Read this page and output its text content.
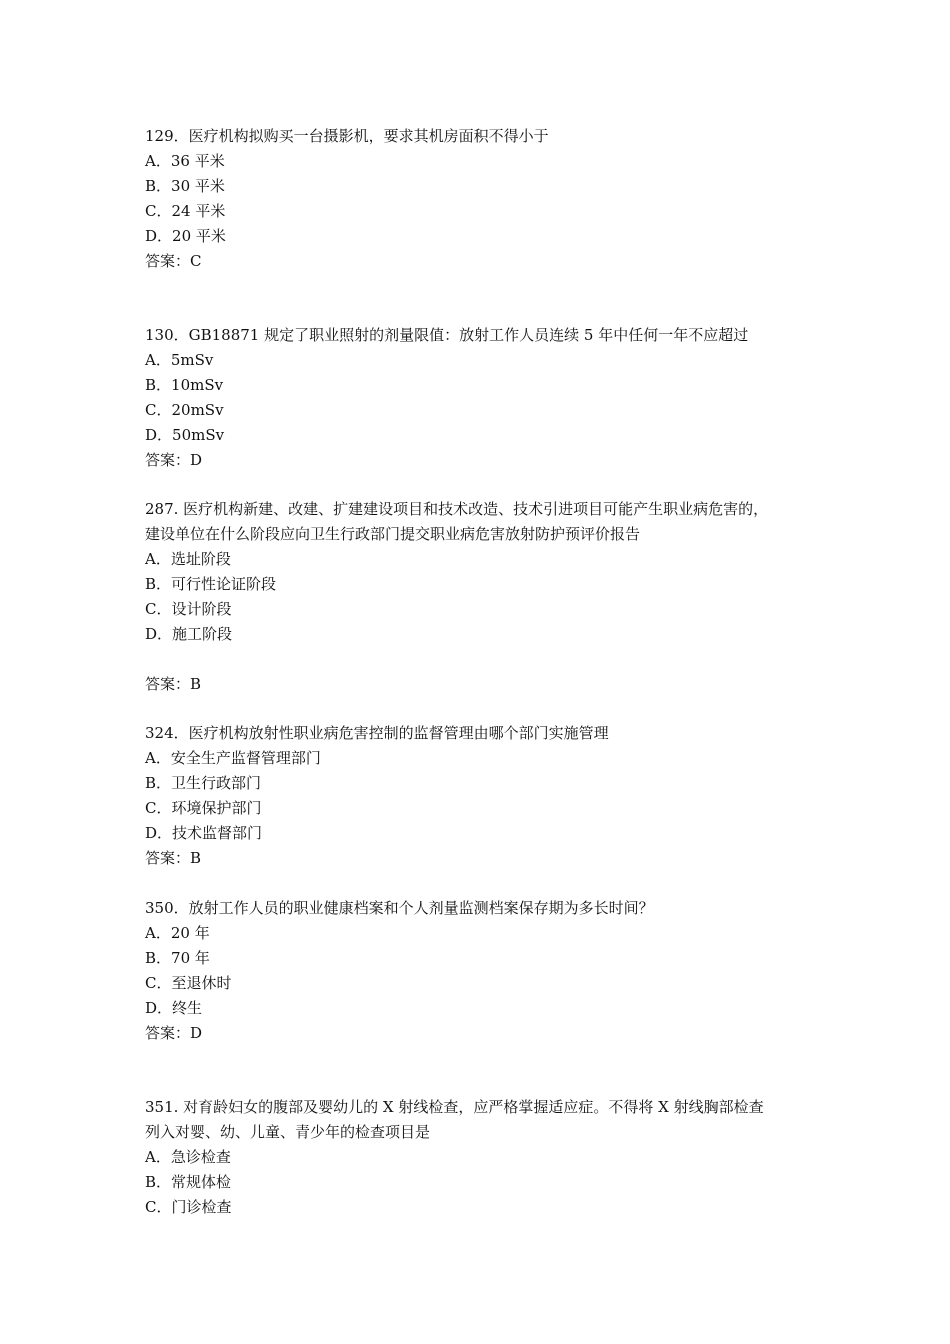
129．医疗机构拟购买一台摄影机，要求其机房面积不得小于
A．36 平米
B．30 平米
C．24 平米
D．20 平米
答案：C
130．GB18871 规定了职业照射的剂量限值：放射工作人员连续 5 年中任何一年不应超过
A．5mSv
B．10mSv
C．20mSv
D．50mSv
答案：D
287. 医疗机构新建、改建、扩建建设项目和技术改造、技术引进项目可能产生职业病危害的，
建设单位在什么阶段应向卫生行政部门提交职业病危害放射防护预评价报告
A．选址阶段
B．可行性论证阶段
C．设计阶段
D．施工阶段
答案：B
324．医疗机构放射性职业病危害控制的监督管理由哪个部门实施管理
A．安全生产监督管理部门
B．卫生行政部门
C．环境保护部门
D．技术监督部门
答案：B
350．放射工作人员的职业健康档案和个人剂量监测档案保存期为多长时间？
A．20 年
B．70 年
C．至退休时
D．终生
答案：D
351. 对育龄妇女的腹部及婴幼儿的 X 射线检查，应严格掌握适应症。不得将 X 射线胸部检查
列入对婴、幼、儿童、青少年的检查项目是
A．急诊检查
B．常规体检
C．门诊检查
